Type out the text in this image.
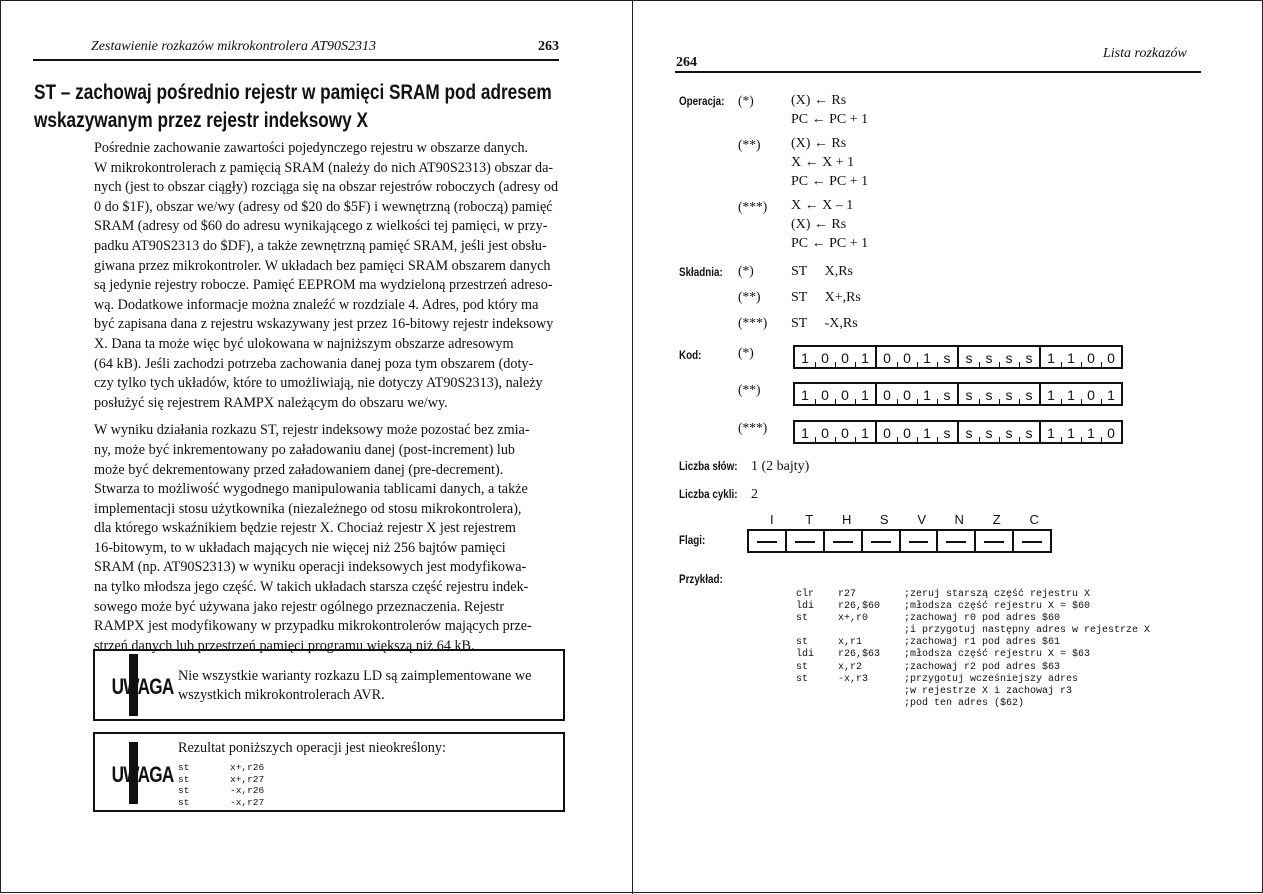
Zestawienie rozkazów mikrokontrolera AT90S2313	263
ST – zachowaj pośrednio rejestr w pamięci SRAM pod adresem
wskazywanym przez rejestr indeksowy X

Pośrednie zachowanie zawartości pojedynczego rejestru w obszarze danych.
W mikrokontrolerach z pamięcią SRAM (należy do nich AT90S2313) obszar da-
nych (jest to obszar ciągły) rozciąga się na obszar rejestrów roboczych (adresy od
0 do $1F), obszar we/wy (adresy od $20 do $5F) i wewnętrzną (roboczą) pamięć
SRAM (adresy od $60 do adresu wynikającego z wielkości tej pamięci, w przy-
padku AT90S2313 do $DF), a także zewnętrzną pamięć SRAM, jeśli jest obsłu-
giwana przez mikrokontroler. W układach bez pamięci SRAM obszarem danych
są jedynie rejestry robocze. Pamięć EEPROM ma wydzieloną przestrzeń adreso-
wą. Dodatkowe informacje można znaleźć w rozdziale 4. Adres, pod który ma
być zapisana dana z rejestru wskazywany jest przez 16-bitowy rejestr indeksowy
X. Dana ta może więc być ulokowana w najniższym obszarze adresowym
(64 kB). Jeśli zachodzi potrzeba zachowania danej poza tym obszarem (doty-
czy tylko tych układów, które to umożliwiają, nie dotyczy AT90S2313), należy
posłużyć się rejestrem RAMPX należącym do obszaru we/wy.

W wyniku działania rozkazu ST, rejestr indeksowy może pozostać bez zmia-
ny, może być inkrementowany po załadowaniu danej (post-increment) lub
może być dekrementowany przed załadowaniem danej (pre-decrement).
Stwarza to możliwość wygodnego manipulowania tablicami danych, a także
implementacji stosu użytkownika (niezależnego od stosu mikrokontrolera),
dla którego wskaźnikiem będzie rejestr X. Chociaż rejestr X jest rejestrem
16-bitowym, to w układach mających nie więcej niż 256 bajtów pamięci
SRAM (np. AT90S2313) w wyniku operacji indeksowych jest modyfikowa-
na tylko młodsza jego część. W takich układach starsza część rejestru indek-
sowego może być używana jako rejestr ogólnego przeznaczenia. Rejestr
RAMPX jest modyfikowany w przypadku mikrokontrolerów mających prze-
strzeń danych lub przestrzeń pamięci programu większą niż 64 kB.

UWAGA Nie wszystkie warianty rozkazu LD są zaimplementowane we
wszystkich mikrokontrolerach AVR.
UWAGA
Rezultat poniższych operacji jest nieokreślony:
st	x+,r26
st	x+,r27
st	-x,r26
st	-x,r27
264
Lista rozkazów
Operacja: (*)	(X) ← Rs
PC ← PC + 1
(**) (X) ← Rs
X ← X + 1
PC ← PC + 1
(***) X ← X – 1
(X) ← Rs
PC ← PC + 1
Składnia: (*)	ST     X,Rs
(**) ST     X+,Rs
(***) ST     -X,Rs
Kod:	(*)	1 0 0 1	0 0 1 s	s s s s	1 1 0 0
(**)	1 0 0 1	0 0 1 s	s s s s	1 1 0 1
(***)	1 0 0 1	0 0 1 s	s s s s	1 1 1 0
Liczba słów: 1 (2 bajty)
Liczba cykli: 2
Flagi:
I	T	H	S	V	N	Z	C
Przykład:
clr	r27	;zeruj starszą część rejestru X
ldi	r26,$60	;młodsza część rejestru X = $60
st	x+,r0	;zachowaj r0 pod adres $60
;i przygotuj następny adres w rejestrze X
st	x,r1	;zachowaj r1 pod adres $61
ldi	r26,$63	;młodsza część rejestru X = $63
st	x,r2	;zachowaj r2 pod adres $63
st	-x,r3	;przygotuj wcześniejszy adres
;w rejestrze X i zachowaj r3
;pod ten adres ($62)
